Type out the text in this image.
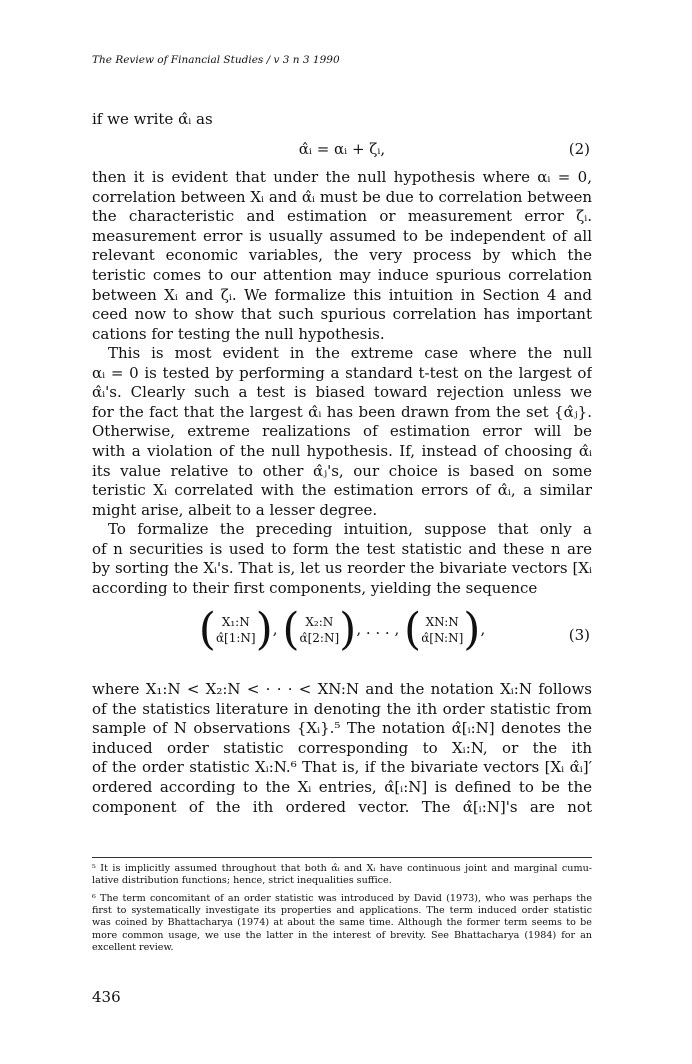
The Review of Financial Studies / v 3 n 3 1990
if we write α̂ᵢ as
α̂ᵢ = αᵢ + ζᵢ,	(2)
then it is evident that under the null hypothesis where αᵢ = 0,
correlation between Xᵢ and α̂ᵢ must be due to correlation between
the characteristic and estimation or measurement error ζᵢ.
measurement error is usually assumed to be independent of all
relevant economic variables, the very process by which the
teristic comes to our attention may induce spurious correlation
between Xᵢ and ζᵢ. We formalize this intuition in Section 4 and
ceed now to show that such spurious correlation has important
cations for testing the null hypothesis.
This is most evident in the extreme case where the null
αᵢ = 0 is tested by performing a standard t-test on the largest of
α̂ᵢ's. Clearly such a test is biased toward rejection unless we
for the fact that the largest α̂ᵢ has been drawn from the set {α̂ⱼ}.
Otherwise, extreme realizations of estimation error will be
with a violation of the null hypothesis. If, instead of choosing α̂ᵢ
its value relative to other α̂ⱼ's, our choice is based on some
teristic Xᵢ correlated with the estimation errors of α̂ᵢ, a similar
might arise, albeit to a lesser degree.
To formalize the preceding intuition, suppose that only a
of n securities is used to form the test statistic and these n are
by sorting the Xᵢ's. That is, let us reorder the bivariate vectors [Xᵢ
according to their first components, yielding the sequence
( X₁:N
α̂[1:N] ), ( X₂:N
α̂[2:N] ), . . . , ( XN:N
α̂[N:N] ),	(3)
where X₁:N < X₂:N < · · · < XN:N and the notation Xᵢ:N follows
of the statistics literature in denoting the ith order statistic from
sample of N observations {Xᵢ}.⁵ The notation α̂[ᵢ:N] denotes the
induced order statistic corresponding to Xᵢ:N, or the ith
of the order statistic Xᵢ:N.⁶ That is, if the bivariate vectors [Xᵢ α̂ᵢ]′
ordered according to the Xᵢ entries, α̂[ᵢ:N] is defined to be the
component of the ith ordered vector. The α̂[ᵢ:N]'s are not
⁵ It is implicitly assumed throughout that both α̂ᵢ and Xᵢ have continuous joint and marginal cumu-
lative distribution functions; hence, strict inequalities suffice.
⁶ The term concomitant of an order statistic was introduced by David (1973), who was perhaps the
first to systematically investigate its properties and applications. The term induced order statistic
was coined by Bhattacharya (1974) at about the same time. Although the former term seems to be
more common usage, we use the latter in the interest of brevity. See Bhattacharya (1984) for an
excellent review.
436
